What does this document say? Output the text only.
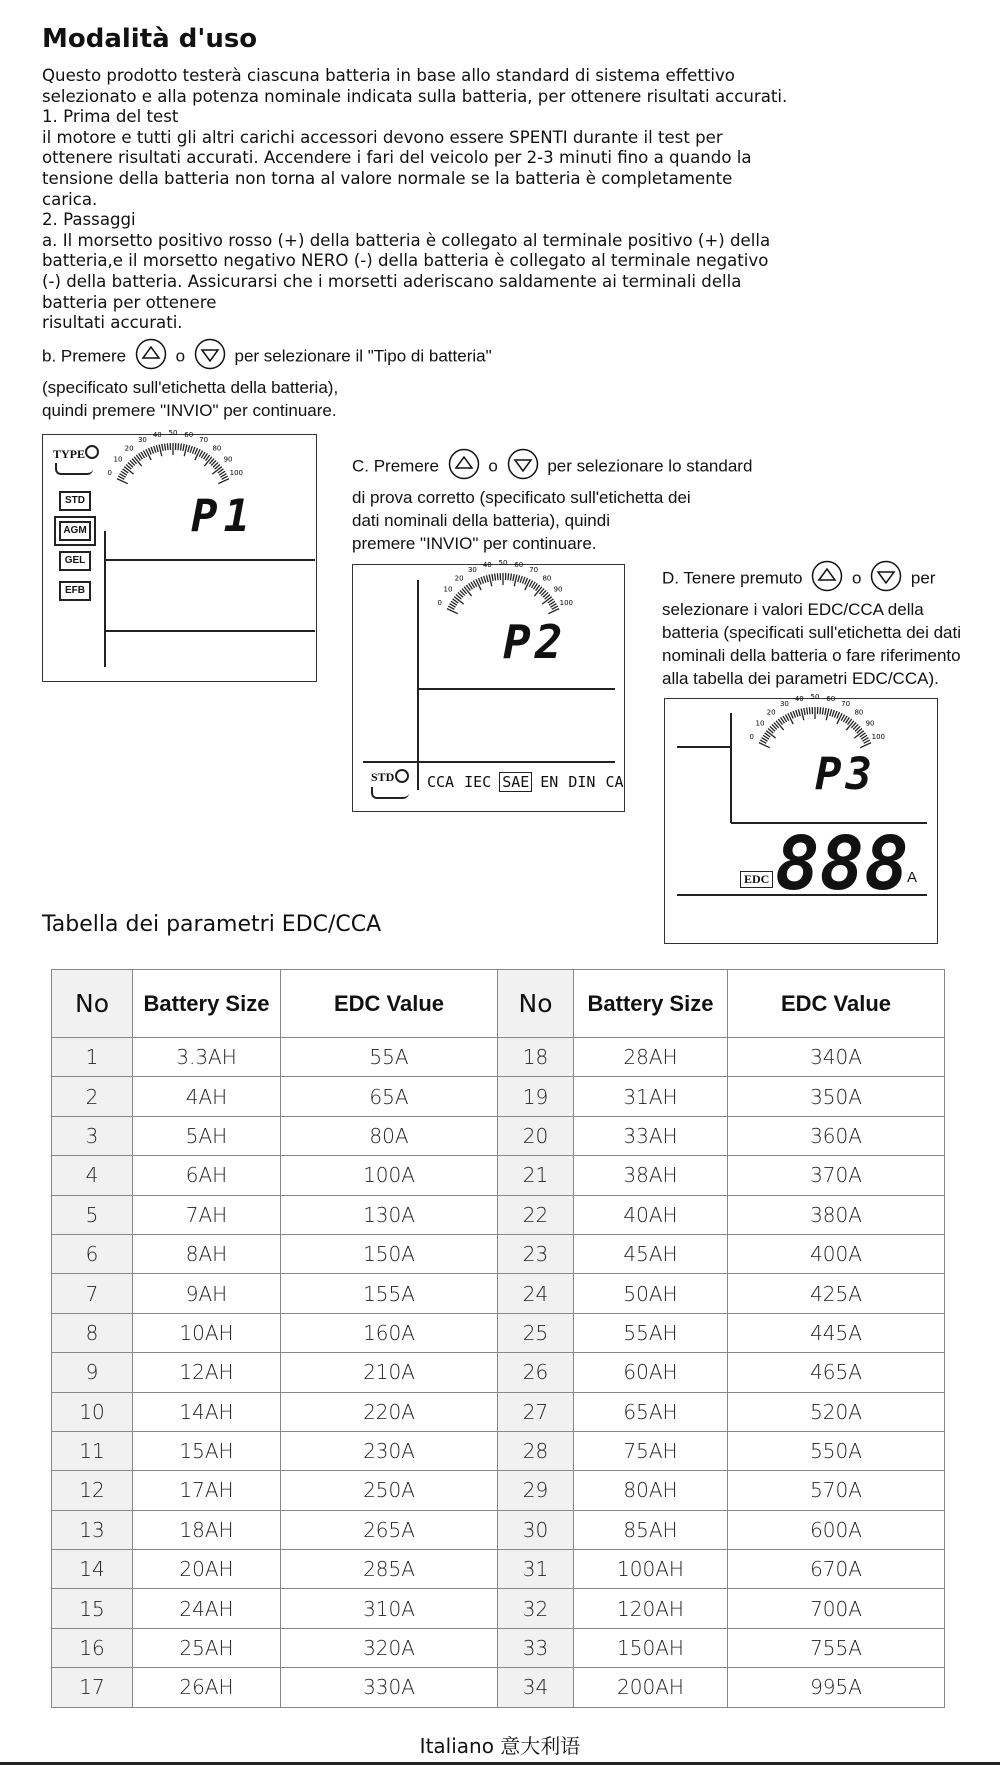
Modalità d'uso
Questo prodotto testerà ciascuna batteria in base allo standard di sistema effettivo
selezionato e alla potenza nominale indicata sulla batteria, per ottenere risultati accurati.
1. Prima del test
il motore e tutti gli altri carichi accessori devono essere SPENTI durante il test per
ottenere risultati accurati. Accendere i fari del veicolo per 2-3 minuti fino a quando la
tensione della batteria non torna al valore normale se la batteria è completamente
carica.
2. Passaggi
a. Il morsetto positivo rosso (+) della batteria è collegato al terminale positivo (+) della
batteria,e il morsetto negativo NERO (-) della batteria è collegato al terminale negativo
(-) della batteria. Assicurarsi che i morsetti aderiscano saldamente ai terminali della
batteria per ottenere
risultati accurati.
b. Premere	o	per selezionare il "Tipo di batteria"
(specificato sull'etichetta della batteria),
quindi premere "INVIO" per continuare.
0
10
20
30
40 50 60
70
80
90
100
TYPE
P1
STD
AGM
GEL
EFB
C. Premere	o	per selezionare lo standard
di prova corretto (specificato sull'etichetta dei
dati nominali della batteria), quindi
premere "INVIO" per continuare.
0
10
20
30
40 50 60
70
80
90
100
P2
STD CCA IEC SAE EN DIN CA
D. Tenere premuto	o	per
selezionare i valori EDC/CCA della
batteria (specificati sull'etichetta dei dati
nominali della batteria o fare riferimento
alla tabella dei parametri EDC/CCA).
0
10
20
30
40 50 60
70
80
90
100
P3
888
A
EDC
Tabella dei parametri EDC/CCA
No	Battery Size	EDC Value	No	Battery Size	EDC Value
1	3.3AH	55A	18	28AH	340A
2	4AH	65A	19	31AH	350A
3	5AH	80A	20	33AH	360A
4	6AH	100A	21	38AH	370A
5	7AH	130A	22	40AH	380A
6	8AH	150A	23	45AH	400A
7	9AH	155A	24	50AH	425A
8	10AH	160A	25	55AH	445A
9	12AH	210A	26	60AH	465A
10	14AH	220A	27	65AH	520A
11	15AH	230A	28	75AH	550A
12	17AH	250A	29	80AH	570A
13	18AH	265A	30	85AH	600A
14	20AH	285A	31	100AH	670A
15	24AH	310A	32	120AH	700A
16	25AH	320A	33	150AH	755A
17	26AH	330A	34	200AH	995A
Italiano 意大利语
